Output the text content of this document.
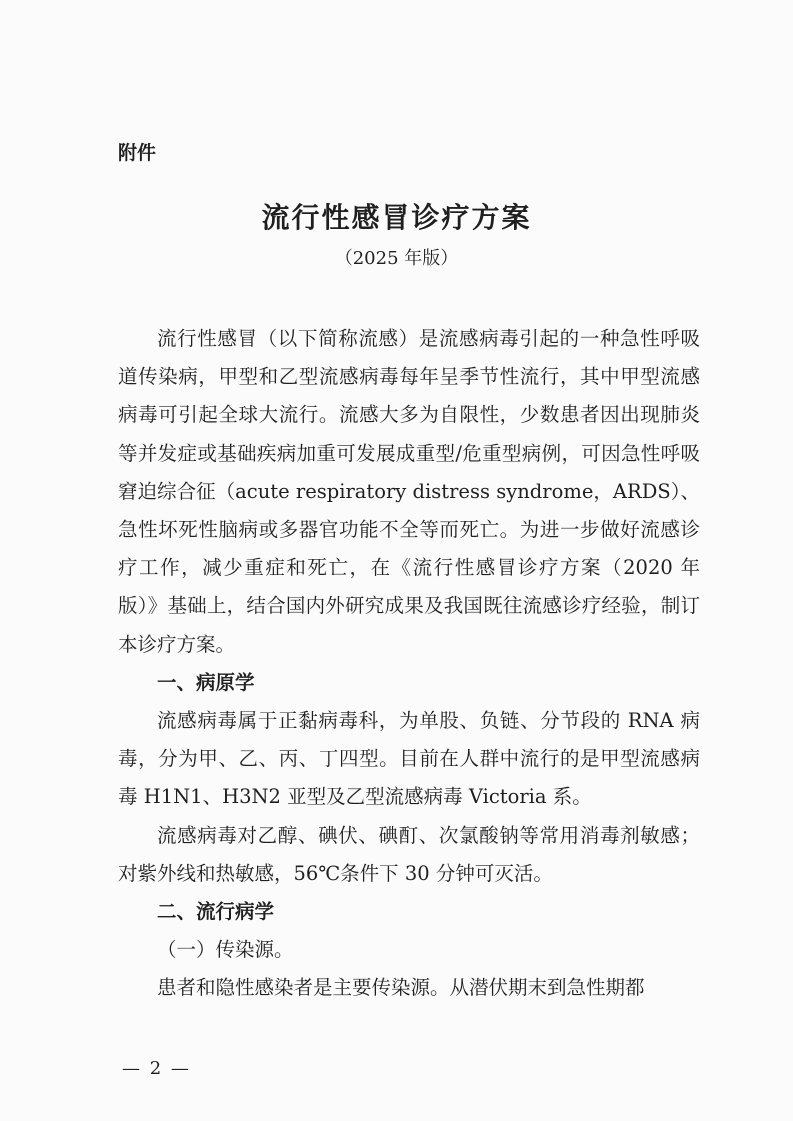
附件
流行性感冒诊疗方案
（2025 年版）

流行性感冒（以下简称流感）是流感病毒引起的一种急性呼吸道传染病，甲型和乙型流感病毒每年呈季节性流行，其中甲型流感病毒可引起全球大流行。流感大多为自限性，少数患者因出现肺炎等并发症或基础疾病加重可发展成重型/危重型病例，可因急性呼吸窘迫综合征（acute respiratory distress syndrome，ARDS）、急性坏死性脑病或多器官功能不全等而死亡。为进一步做好流感诊疗工作，减少重症和死亡，在《流行性感冒诊疗方案（2020 年版）》基础上，结合国内外研究成果及我国既往流感诊疗经验，制订本诊疗方案。

一、病原学

流感病毒属于正黏病毒科，为单股、负链、分节段的 RNA 病毒，分为甲、乙、丙、丁四型。目前在人群中流行的是甲型流感病毒 H1N1、H3N2 亚型及乙型流感病毒 Victoria 系。

流感病毒对乙醇、碘伏、碘酊、次氯酸钠等常用消毒剂敏感；对紫外线和热敏感，56℃条件下 30 分钟可灭活。

二、流行病学

（一）传染源。

患者和隐性感染者是主要传染源。从潜伏期末到急性期都

— 2 —
